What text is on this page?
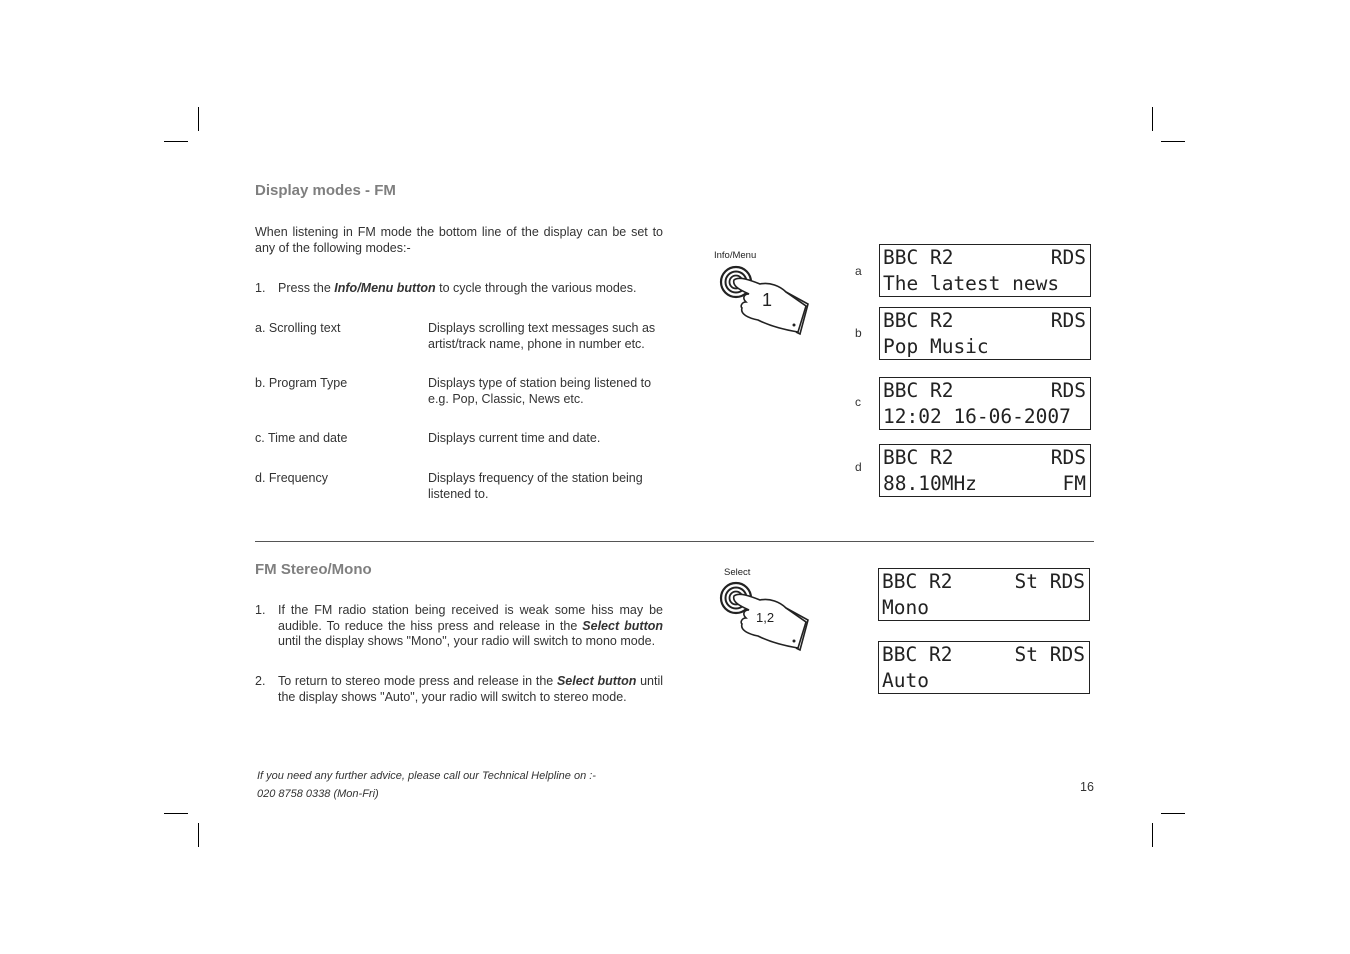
Display modes - FM
When listening in FM mode the bottom line of the display can be set to any of the following modes:-
1.	Press the Info/Menu button to cycle through the various modes.
a. Scrolling text	Displays scrolling text messages such as artist/track name, phone in number etc.
b. Program Type	Displays type of station being listened to e.g. Pop, Classic, News etc.
c. Time and date	Displays current time and date.
d. Frequency	Displays frequency of the station being listened to.
Info/Menu
1
a
BBC R2	RDS
The latest news
b
BBC R2	RDS
Pop Music
c BBC R2	RDS
12:02 16-06-2007
d BBC R2	RDS
88.10MHz	FM
FM Stereo/Mono
1.	If the FM radio station being received is weak some hiss may be audible. To reduce the hiss press and release in the Select button until the display shows "Mono", your radio will switch to mono mode.
2.	To return to stereo mode press and release in the Select button until the display shows "Auto", your radio will switch to stereo mode.
Select
1,2
BBC R2	St RDS
Mono
BBC R2	St RDS
Auto
If you need any further advice, please call our Technical Helpline on :-
020 8758 0338 (Mon-Fri)	16
